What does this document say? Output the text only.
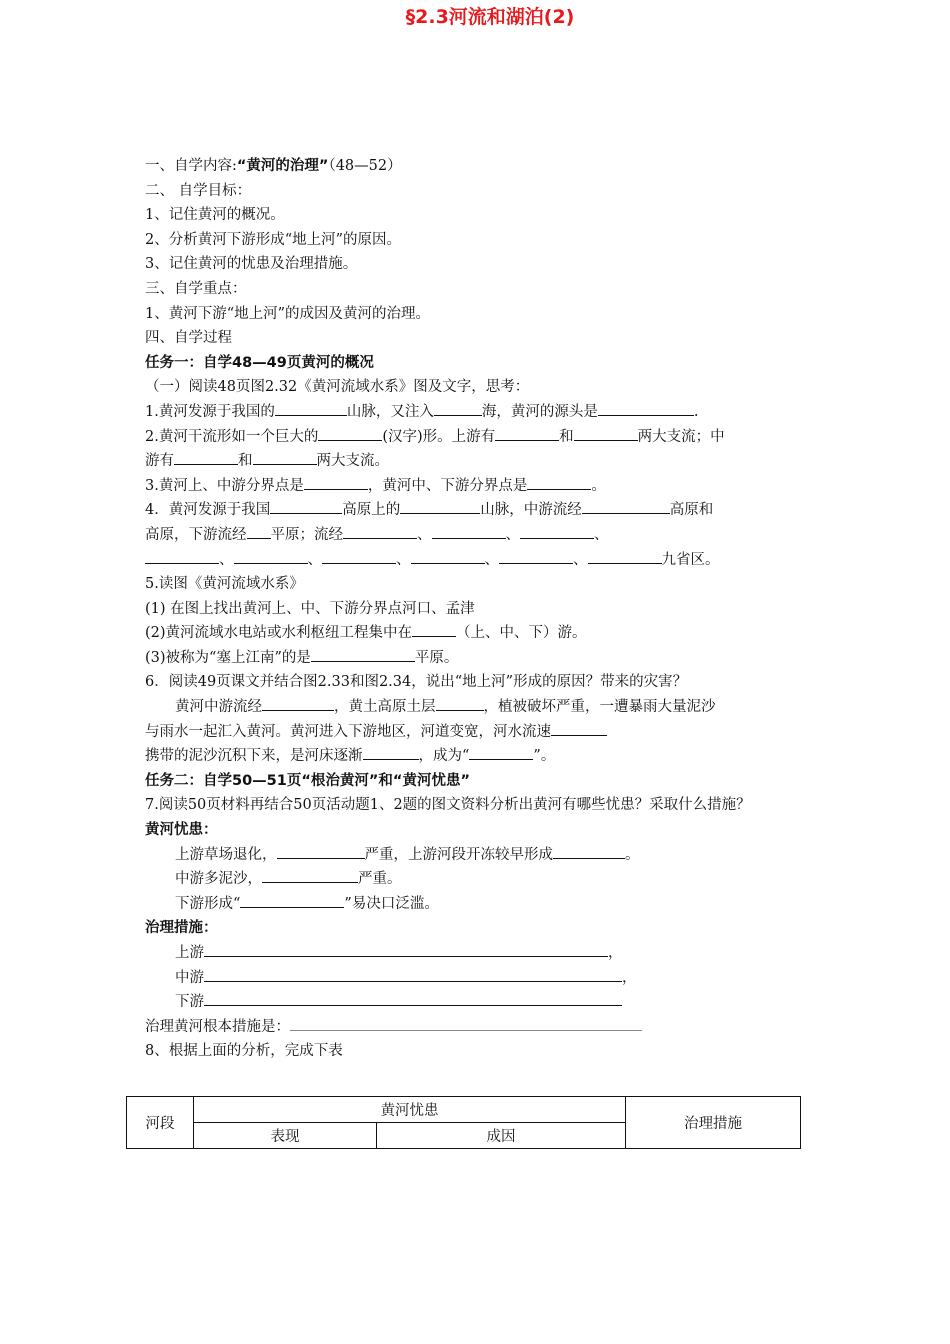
§2.3河流和湖泊(2)
一、自学内容:“黄河的治理”（48—52）
二、 自学目标：
1、记住黄河的概况。
2、分析黄河下游形成“地上河”的原因。
3、记住黄河的忧患及治理措施。
三、自学重点：
1、黄河下游“地上河”的成因及黄河的治理。
四、自学过程
任务一：自学48—49页黄河的概况
（一）阅读48页图2.32《黄河流域水系》图及文字，思考：
1.黄河发源于我国的	山脉，又注入	海，黄河的源头是	.
2.黄河干流形如一个巨大的	(汉字)形。上游有	和	两大支流；中
游有	和	两大支流。
3.黄河上、中游分界点是	，黄河中、下游分界点是	。
4．黄河发源于我国	高原上的	山脉，中游流经	高原和
高原，下游流经 平原；流经	、	、	、
、	、	、	、	、	九省区。
5.读图《黄河流域水系》
(1) 在图上找出黄河上、中、下游分界点河口、孟津
(2)黄河流域水电站或水利枢纽工程集中在	（上、中、下）游。
(3)被称为“塞上江南”的是	平原。
6．阅读49页课文并结合图2.33和图2.34，说出“地上河”形成的原因？带来的灾害？
黄河中游流经	，黄土高原土层	，植被破坏严重，一遭暴雨大量泥沙
与雨水一起汇入黄河。黄河进入下游地区，河道变宽，河水流速
携带的泥沙沉积下来，是河床逐渐	，成为“	”。
任务二：自学50—51页“根治黄河”和“黄河忧患”
7.阅读50页材料再结合50页活动题1、2题的图文资料分析出黄河有哪些忧患？采取什么措施？
黄河忧患：
上游草场退化，	严重，上游河段开冻较早形成	。
中游多泥沙，	严重。
下游形成“	”易决口泛滥。
治理措施：
上游	，
中游	，
下游
治理黄河根本措施是：
8、根据上面的分析，完成下表
河段	黄河忧患		治理措施
	表现	成因	
